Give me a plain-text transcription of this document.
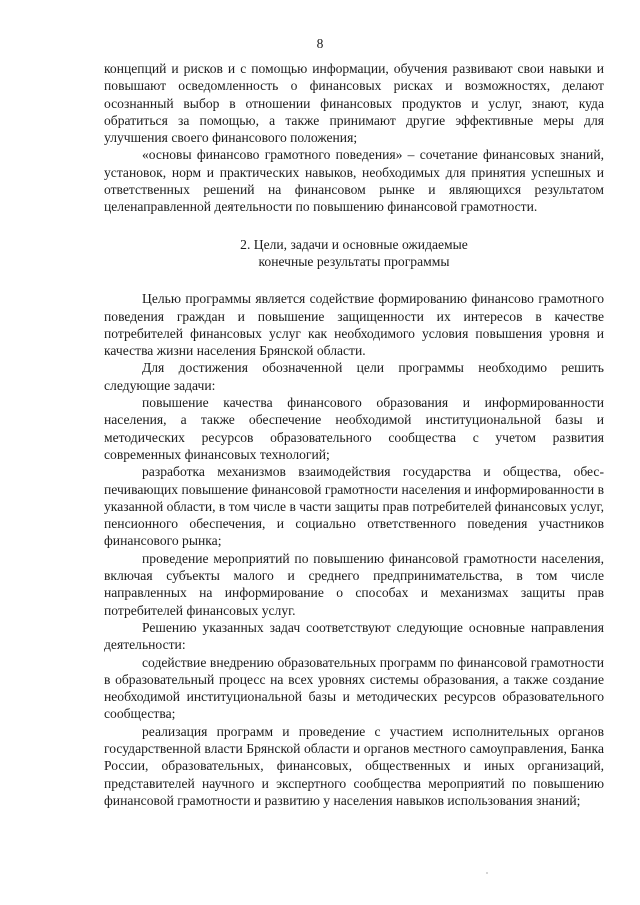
8

концепций и рисков и с помощью информации, обучения развивают свои навыки и повышают осведомленность о финансовых рисках и возможностях, делают осознанный выбор в отношении финансовых продуктов и услуг, знают, куда обратиться за помощью, а также принимают другие эффективные меры для улучшения своего финансового положения;

«основы финансово грамотного поведения» – сочетание финансовых знаний, установок, норм и практических навыков, необходимых для принятия успешных и ответственных решений на финансовом рынке и являющихся результатом целенаправленной деятельности по повышению финансовой грамотности.

2. Цели, задачи и основные ожидаемые
конечные результаты программы

Целью программы является содействие формированию финансово грамотного поведения граждан и повышение защищенности их интересов в качестве потребителей финансовых услуг как необходимого условия повышения уровня и качества жизни населения Брянской области.

Для достижения обозначенной цели программы необходимо решить следующие задачи:

повышение качества финансового образования и информированности населения, а также обеспечение необходимой институциональной базы и методических ресурсов образовательного сообщества с учетом развития современных финансовых технологий;

разработка механизмов взаимодействия государства и общества, обеспечивающих повышение финансовой грамотности населения и информированности в указанной области, в том числе в части защиты прав потребителей финансовых услуг, пенсионного обеспечения, и социально ответственного поведения участников финансового рынка;

проведение мероприятий по повышению финансовой грамотности населения, включая субъекты малого и среднего предпринимательства, в том числе направленных на информирование о способах и механизмах защиты прав потребителей финансовых услуг.

Решению указанных задач соответствуют следующие основные направления деятельности:

содействие внедрению образовательных программ по финансовой грамотности в образовательный процесс на всех уровнях системы образования, а также создание необходимой институциональной базы и методических ресурсов образовательного сообщества;

реализация программ и проведение с участием исполнительных органов государственной власти Брянской области и органов местного самоуправления, Банка России, образовательных, финансовых, общественных и иных организаций, представителей научного и экспертного сообщества мероприятий по повышению финансовой грамотности и развитию у населения навыков использования знаний;
